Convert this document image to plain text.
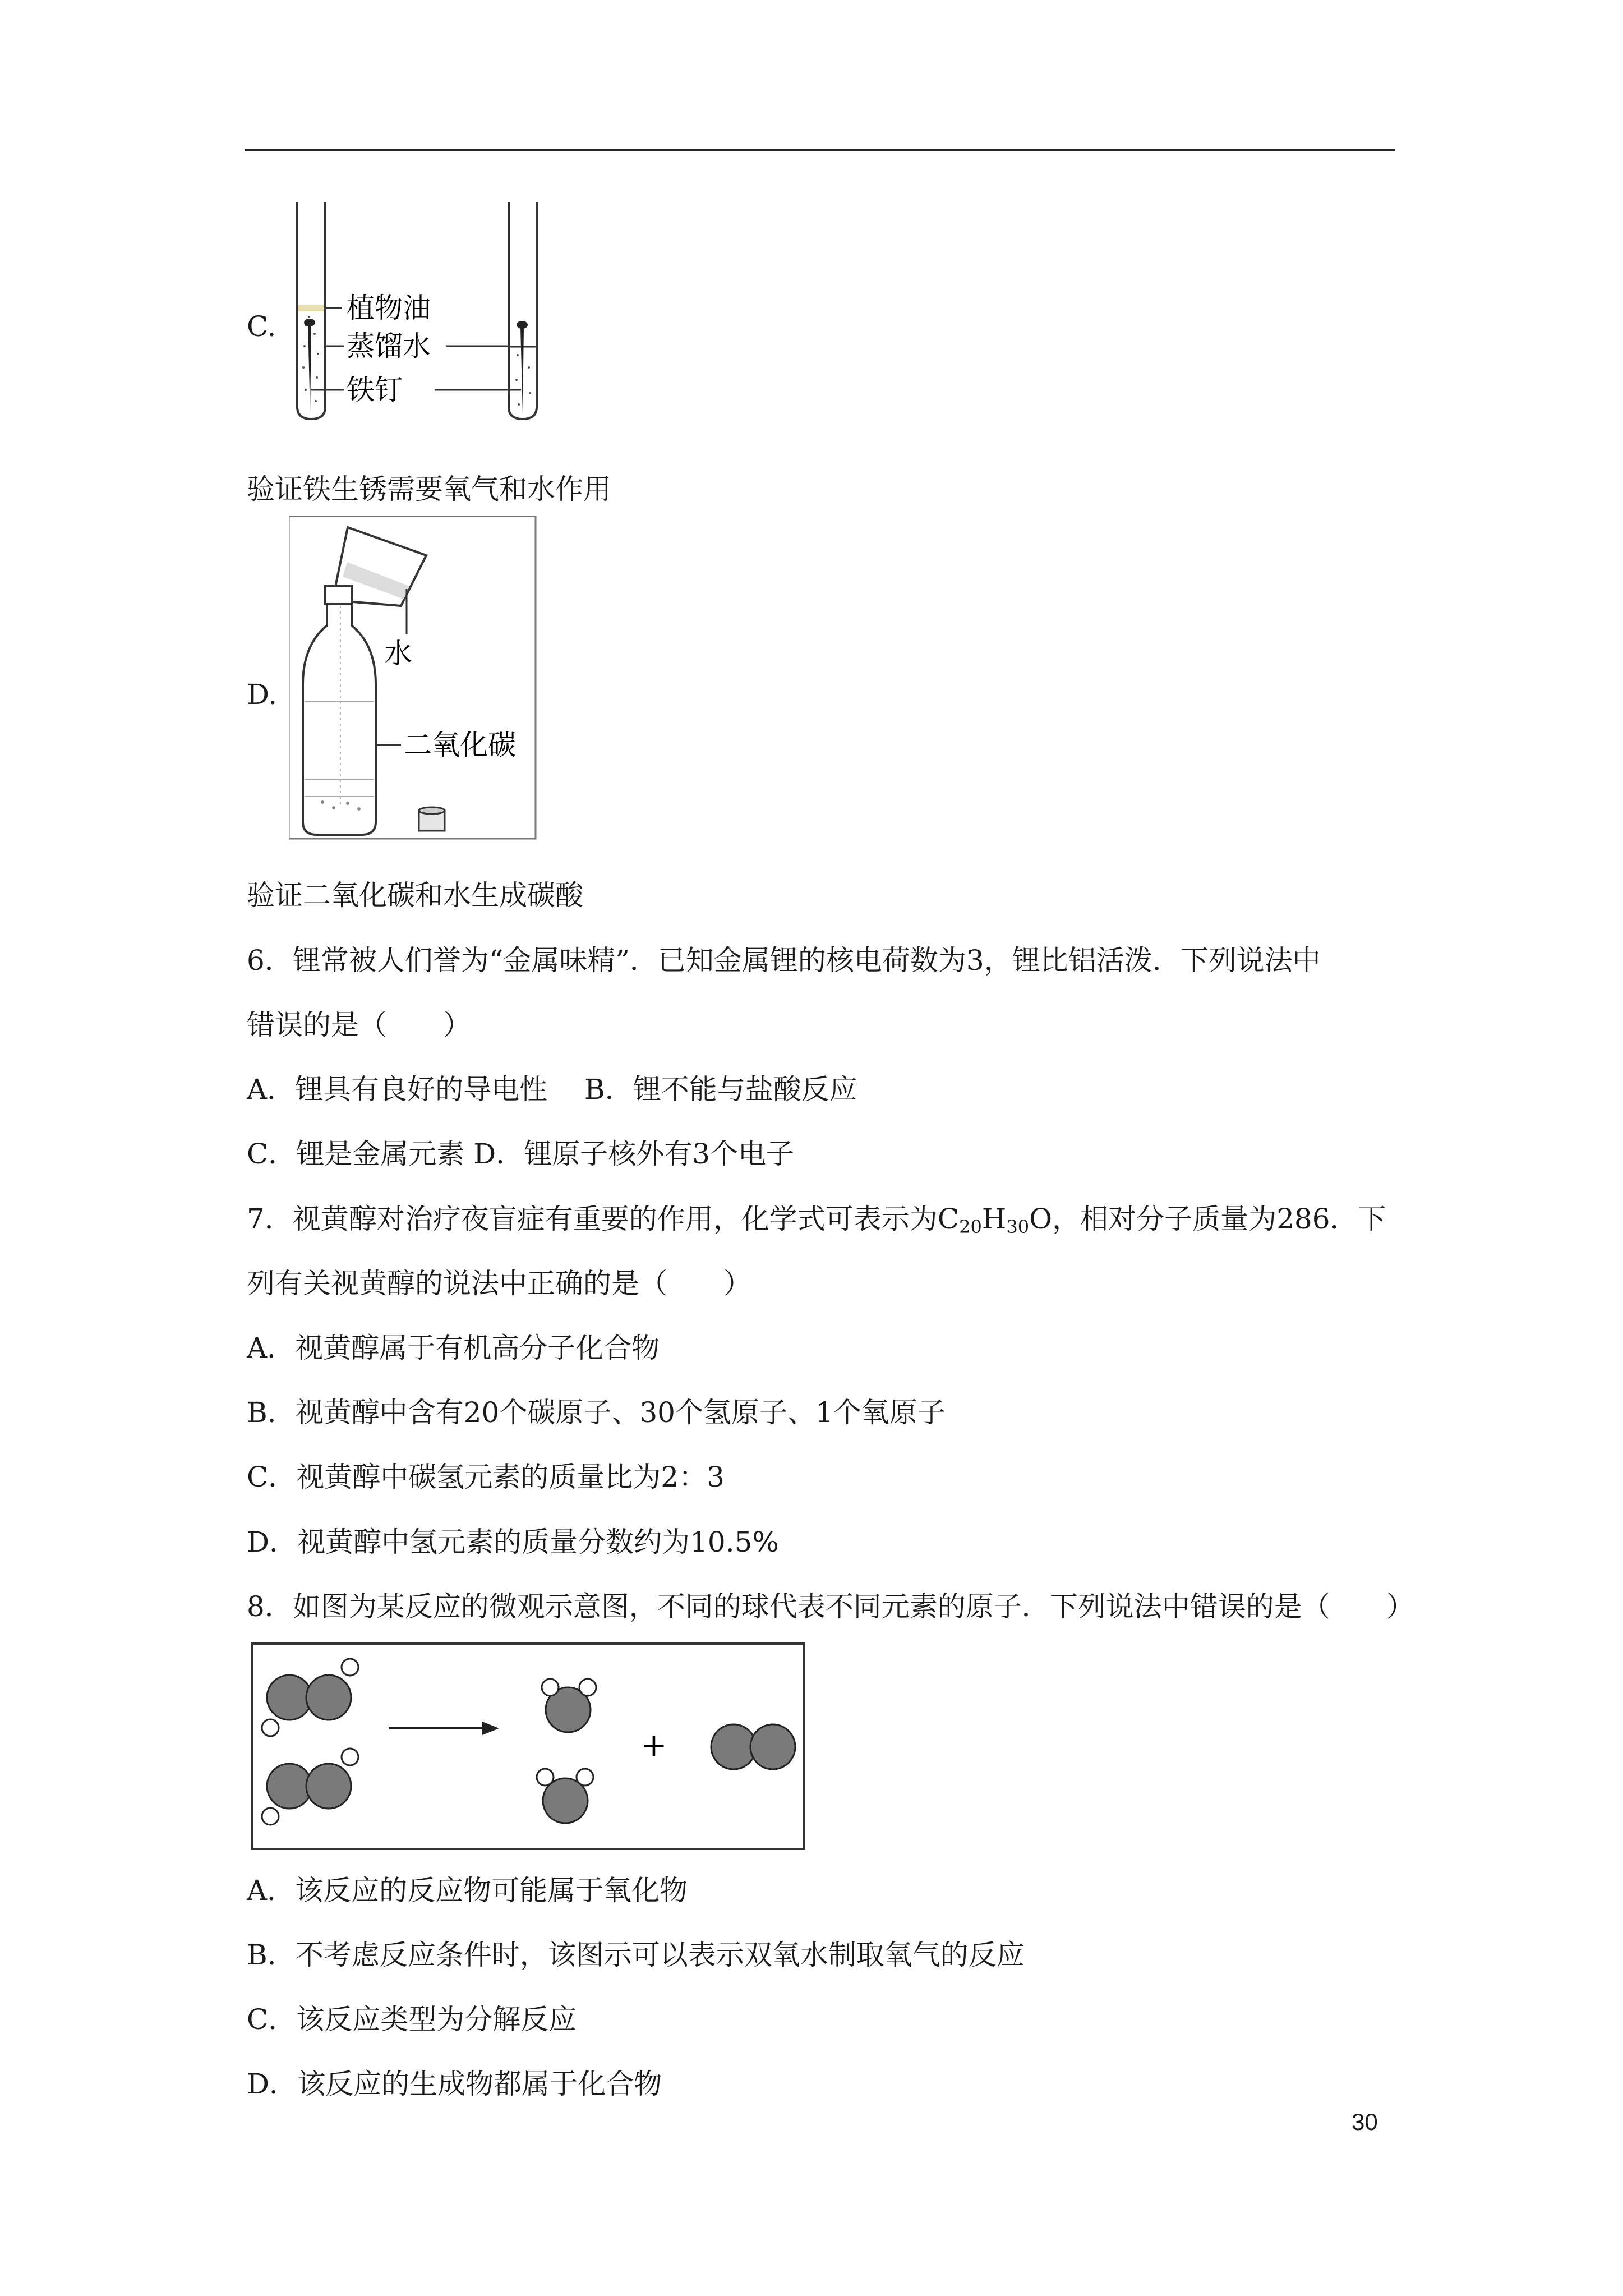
C.
植物油
蒸馏水
铁钉
验证铁生锈需要氧气和水作用
D.
水
二氧化碳
验证二氧化碳和水生成碳酸
6．锂常被人们誉为“金属味精”．已知金属锂的核电荷数为3，锂比铝活泼．下列说法中
错误的是（　　）
A．锂具有良好的导电性　 B．锂不能与盐酸反应
C．锂是金属元素 D．锂原子核外有3个电子
7．视黄醇对治疗夜盲症有重要的作用，化学式可表示为$C_{20}H_{30}O$，相对分子质量为286．下
列有关视黄醇的说法中正确的是（　　）
A．视黄醇属于有机高分子化合物
B．视黄醇中含有20个碳原子、30个氢原子、1个氧原子
C．视黄醇中碳氢元素的质量比为2：3
D．视黄醇中氢元素的质量分数约为10.5%
8．如图为某反应的微观示意图，不同的球代表不同元素的原子．下列说法中错误的是（　　）
+
A．该反应的反应物可能属于氧化物
B．不考虑反应条件时，该图示可以表示双氧水制取氧气的反应
C．该反应类型为分解反应
D．该反应的生成物都属于化合物
30
